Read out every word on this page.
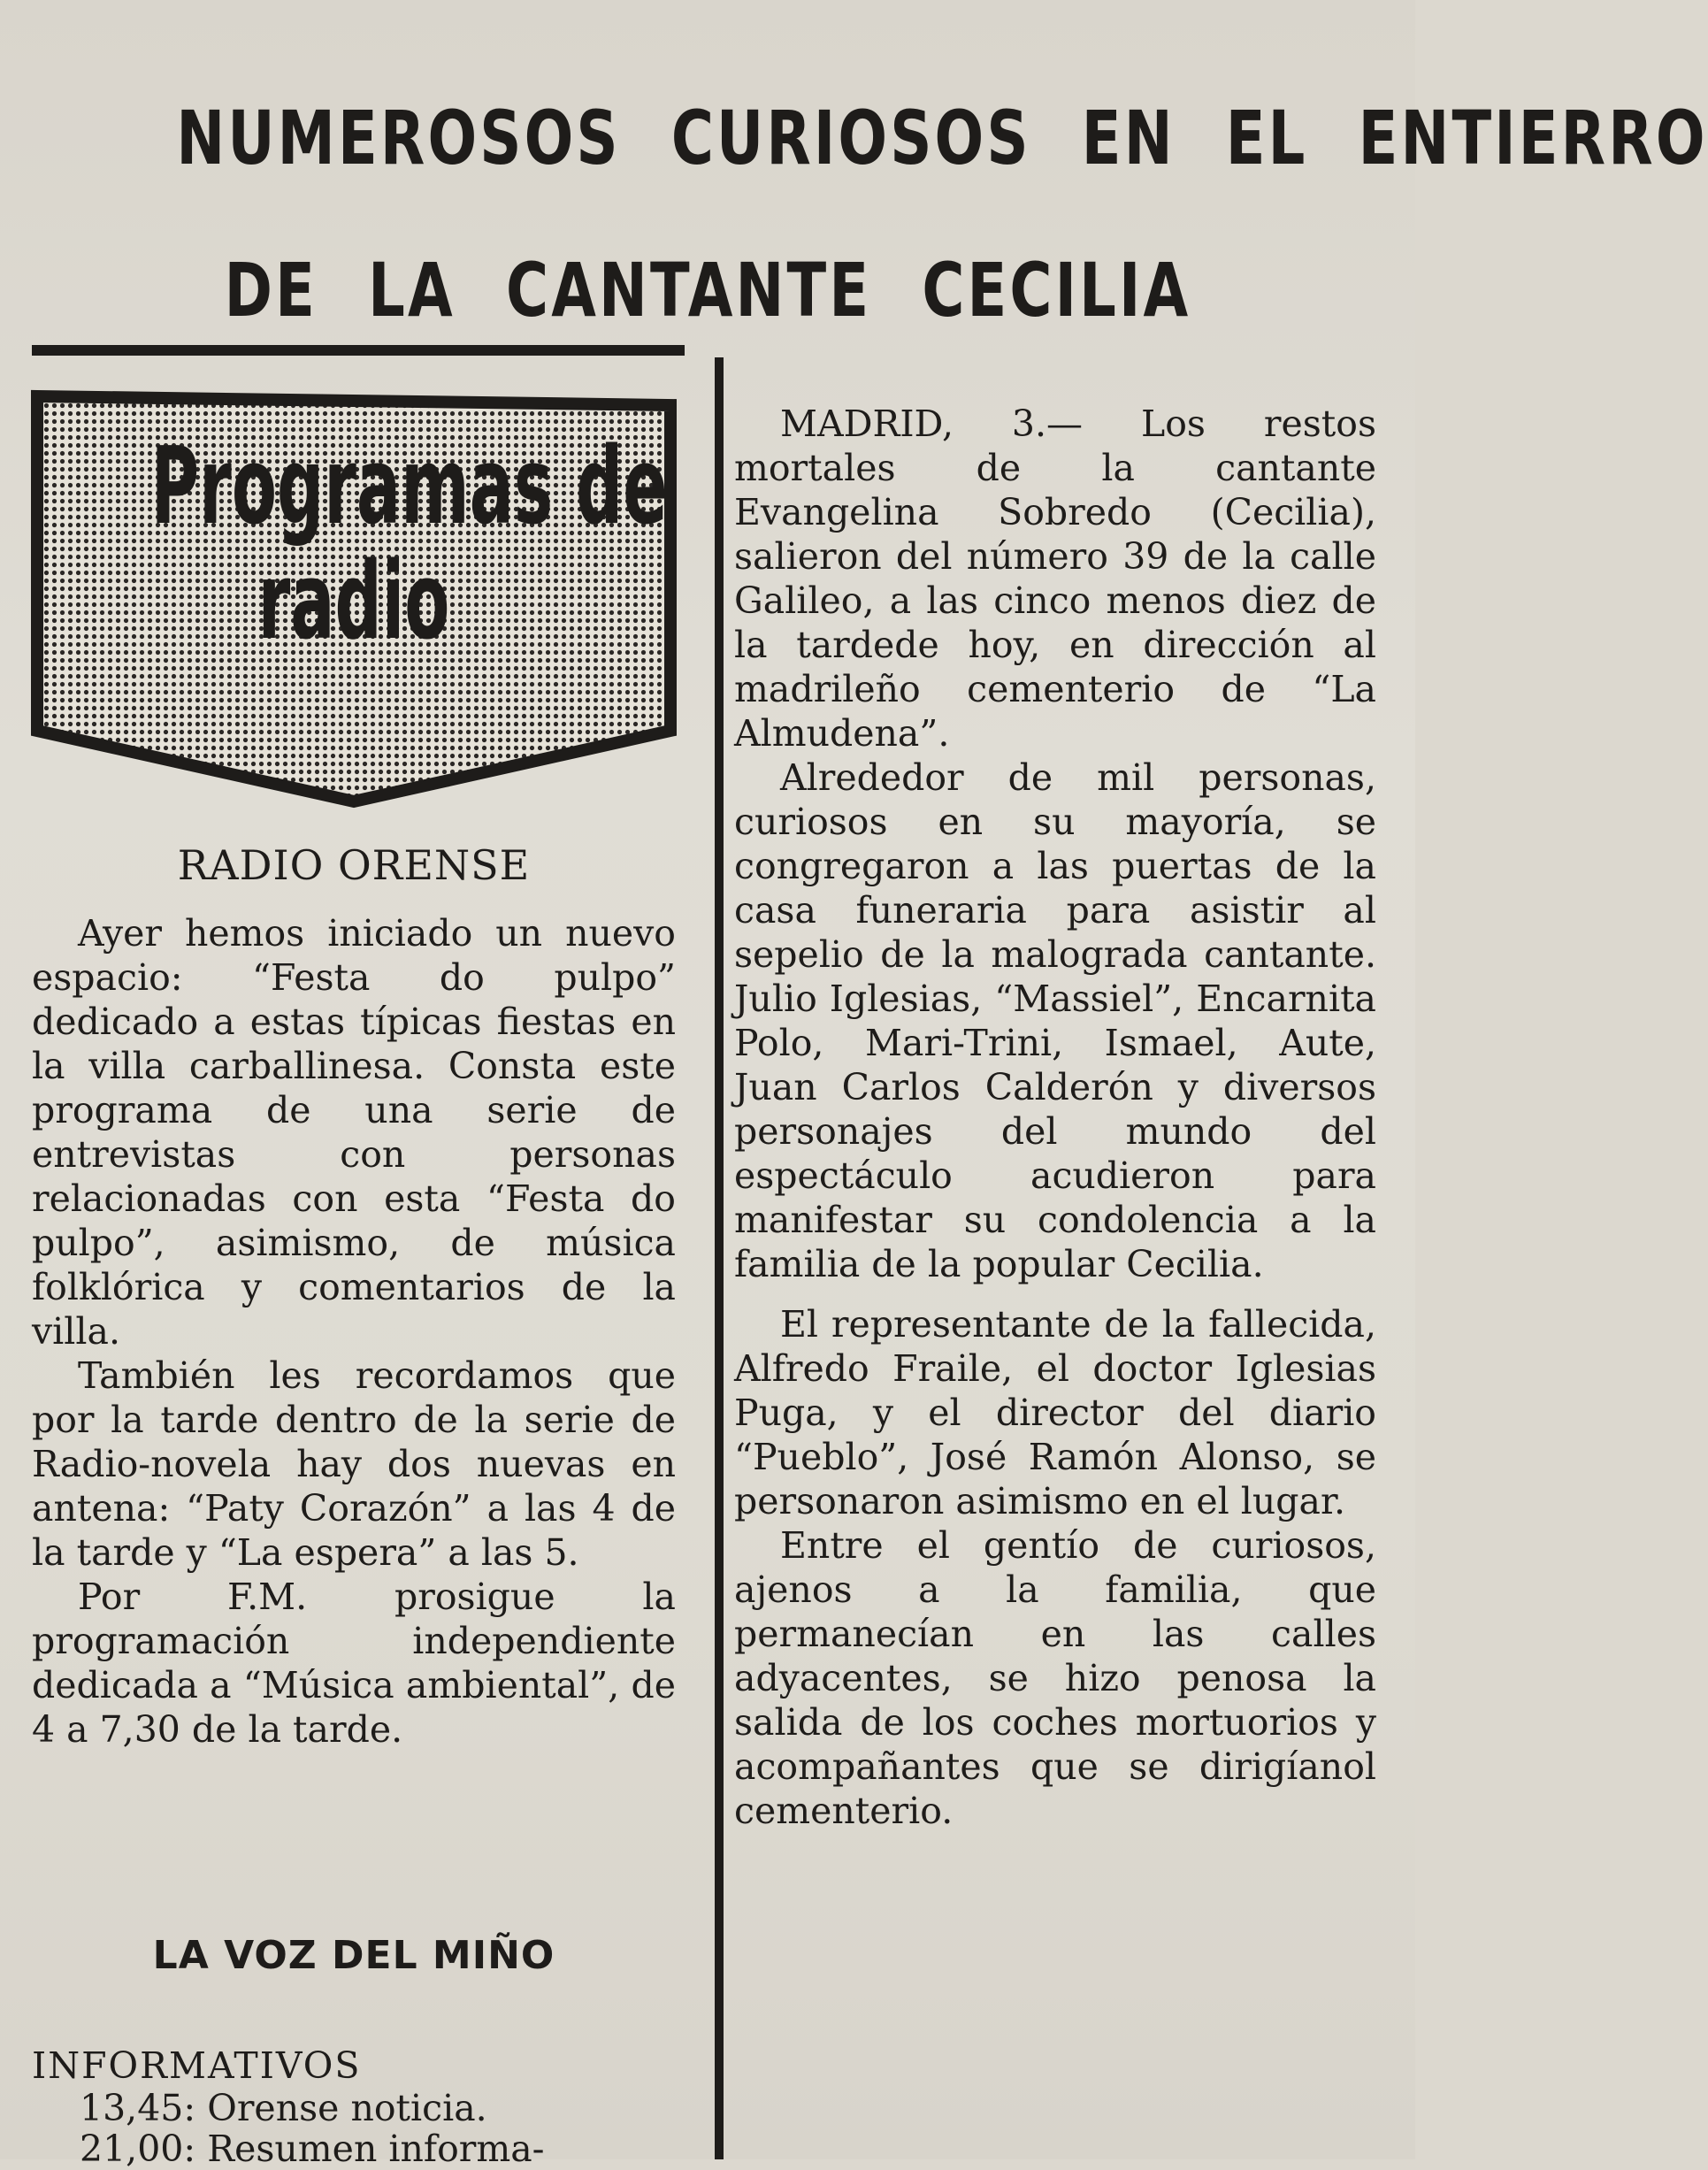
NUMEROSOS CURIOSOS EN EL ENTIERRO
DE LA CANTANTE CECILIA
Programas de
radio
RADIO ORENSE

Ayer hemos iniciado un nuevo espacio: “Festa do pulpo” dedicado a estas típicas fiestas en la villa carballinesa. Consta este programa de una serie de entrevistas con personas relacionadas con esta “Festa do pulpo”, asimismo, de música folklórica y comentarios de la villa.

También les recordamos que por la tarde dentro de la serie de Radio-novela hay dos nuevas en antena: “Paty Corazón” a las 4 de la tarde y “La espera” a las 5.

Por F.M. prosigue la programación independiente dedicada a “Música ambiental”, de 4 a 7,30 de la tarde.

LA VOZ DEL MIÑO
INFORMATIVOS
13,45: Orense noticia.
21,00: Resumen informa-

MADRID, 3.— Los restos mortales de la cantante Evangelina Sobredo (Cecilia), salieron del número 39 de la calle Galileo, a las cinco menos diez de la tardede hoy, en dirección al madrileño cementerio de “La Almudena”.

Alrededor de mil personas, curiosos en su mayoría, se congregaron a las puertas de la casa funeraria para asistir al sepelio de la malograda cantante. Julio Iglesias, “Massiel”, Encarnita Polo, Mari-Trini, Ismael, Aute, Juan Carlos Calderón y diversos personajes del mundo del espectáculo acudieron para manifestar su condolencia a la familia de la popular Cecilia.

El representante de la fallecida, Alfredo Fraile, el doctor Iglesias Puga, y el director del diario “Pueblo”, José Ramón Alonso, se personaron asimismo en el lugar.

Entre el gentío de curiosos, ajenos a la familia, que permanecían en las calles adyacentes, se hizo penosa la salida de los coches mortuorios y acompañantes que se dirigíanol cementerio.
